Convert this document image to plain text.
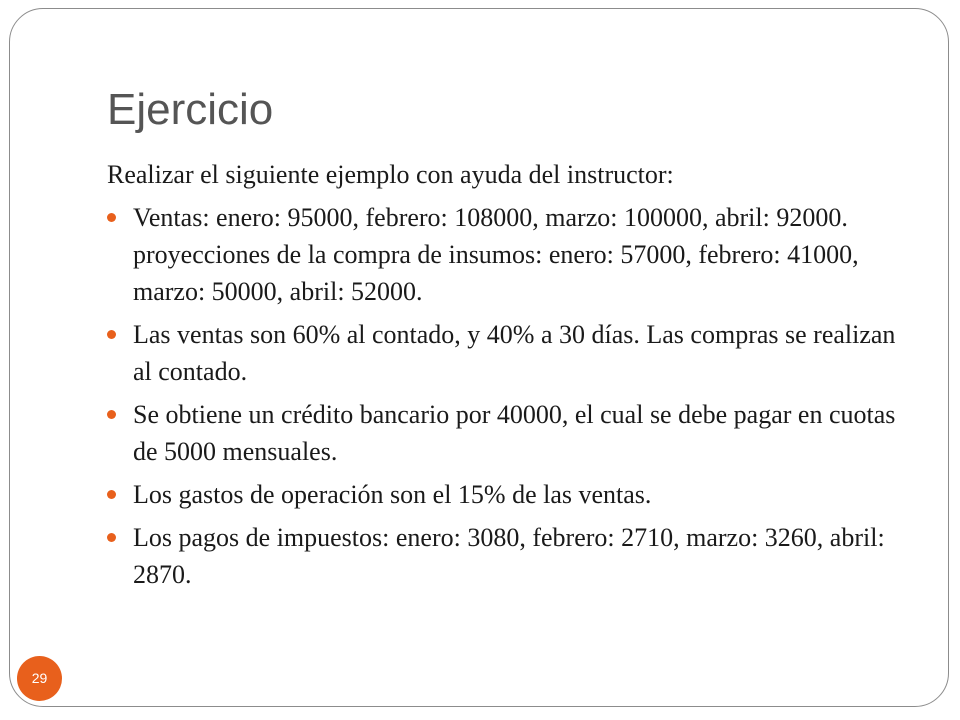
Ejercicio

Realizar el siguiente ejemplo con ayuda del instructor:

Ventas: enero: 95000, febrero: 108000, marzo: 100000, abril: 92000. proyecciones de la compra de insumos: enero: 57000, febrero: 41000, marzo: 50000, abril: 52000.
Las ventas son 60% al contado, y 40% a 30 días. Las compras se realizan al contado.
Se obtiene un crédito bancario por 40000, el cual se debe pagar en cuotas de 5000 mensuales.
Los gastos de operación son el 15% de las ventas.
Los pagos de impuestos: enero: 3080, febrero: 2710, marzo: 3260, abril: 2870.
29
